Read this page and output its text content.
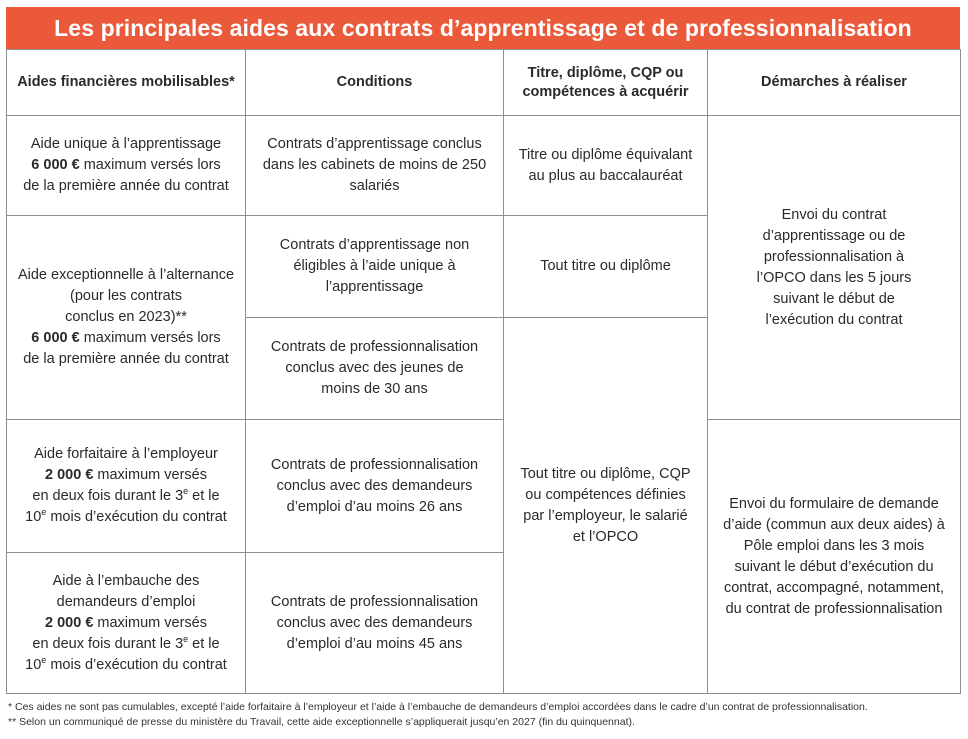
Les principales aides aux contrats d’apprentissage et de professionnalisation
Aides financières mobilisables*	Conditions	Titre, diplôme, CQP ou compétences à acquérir	Démarches à réaliser
Aide unique à l’apprentissage
6 000 € maximum versés lors
de la première année du contrat	Contrats d’apprentissage conclus dans les cabinets de moins de 250 salariés	Titre ou diplôme équivalant au plus au baccalauréat	Envoi du contrat d’apprentissage ou de professionnalisation à l’OPCO dans les 5 jours suivant le début de l’exécution du contrat
Aide exceptionnelle à l’alternance
(pour les contrats
conclus en 2023)**
6 000 € maximum versés lors
de la première année du contrat	Contrats d’apprentissage non éligibles à l’aide unique à l’apprentissage	Tout titre ou diplôme	
	Contrats de professionnalisation conclus avec des jeunes de moins de 30 ans	Tout titre ou diplôme, CQP ou compétences définies par l’employeur, le salarié et l’OPCO	
Aide forfaitaire à l’employeur
2 000 € maximum versés
en deux fois durant le 3e et le
10e mois d’exécution du contrat	Contrats de professionnalisation conclus avec des demandeurs d’emploi d’au moins 26 ans		Envoi du formulaire de demande d’aide (commun aux deux aides) à Pôle emploi dans les 3 mois suivant le début d’exécution du contrat, accompagné, notamment, du contrat de professionnalisation
Aide à l’embauche des
demandeurs d’emploi
2 000 € maximum versés
en deux fois durant le 3e et le
10e mois d’exécution du contrat	Contrats de professionnalisation conclus avec des demandeurs d’emploi d’au moins 45 ans		
* Ces aides ne sont pas cumulables, excepté l’aide forfaitaire à l’employeur et l’aide à l’embauche de demandeurs d’emploi accordées dans le cadre d’un contrat de professionnalisation.
** Selon un communiqué de presse du ministère du Travail, cette aide exceptionnelle s’appliquerait jusqu’en 2027 (fin du quinquennat).
